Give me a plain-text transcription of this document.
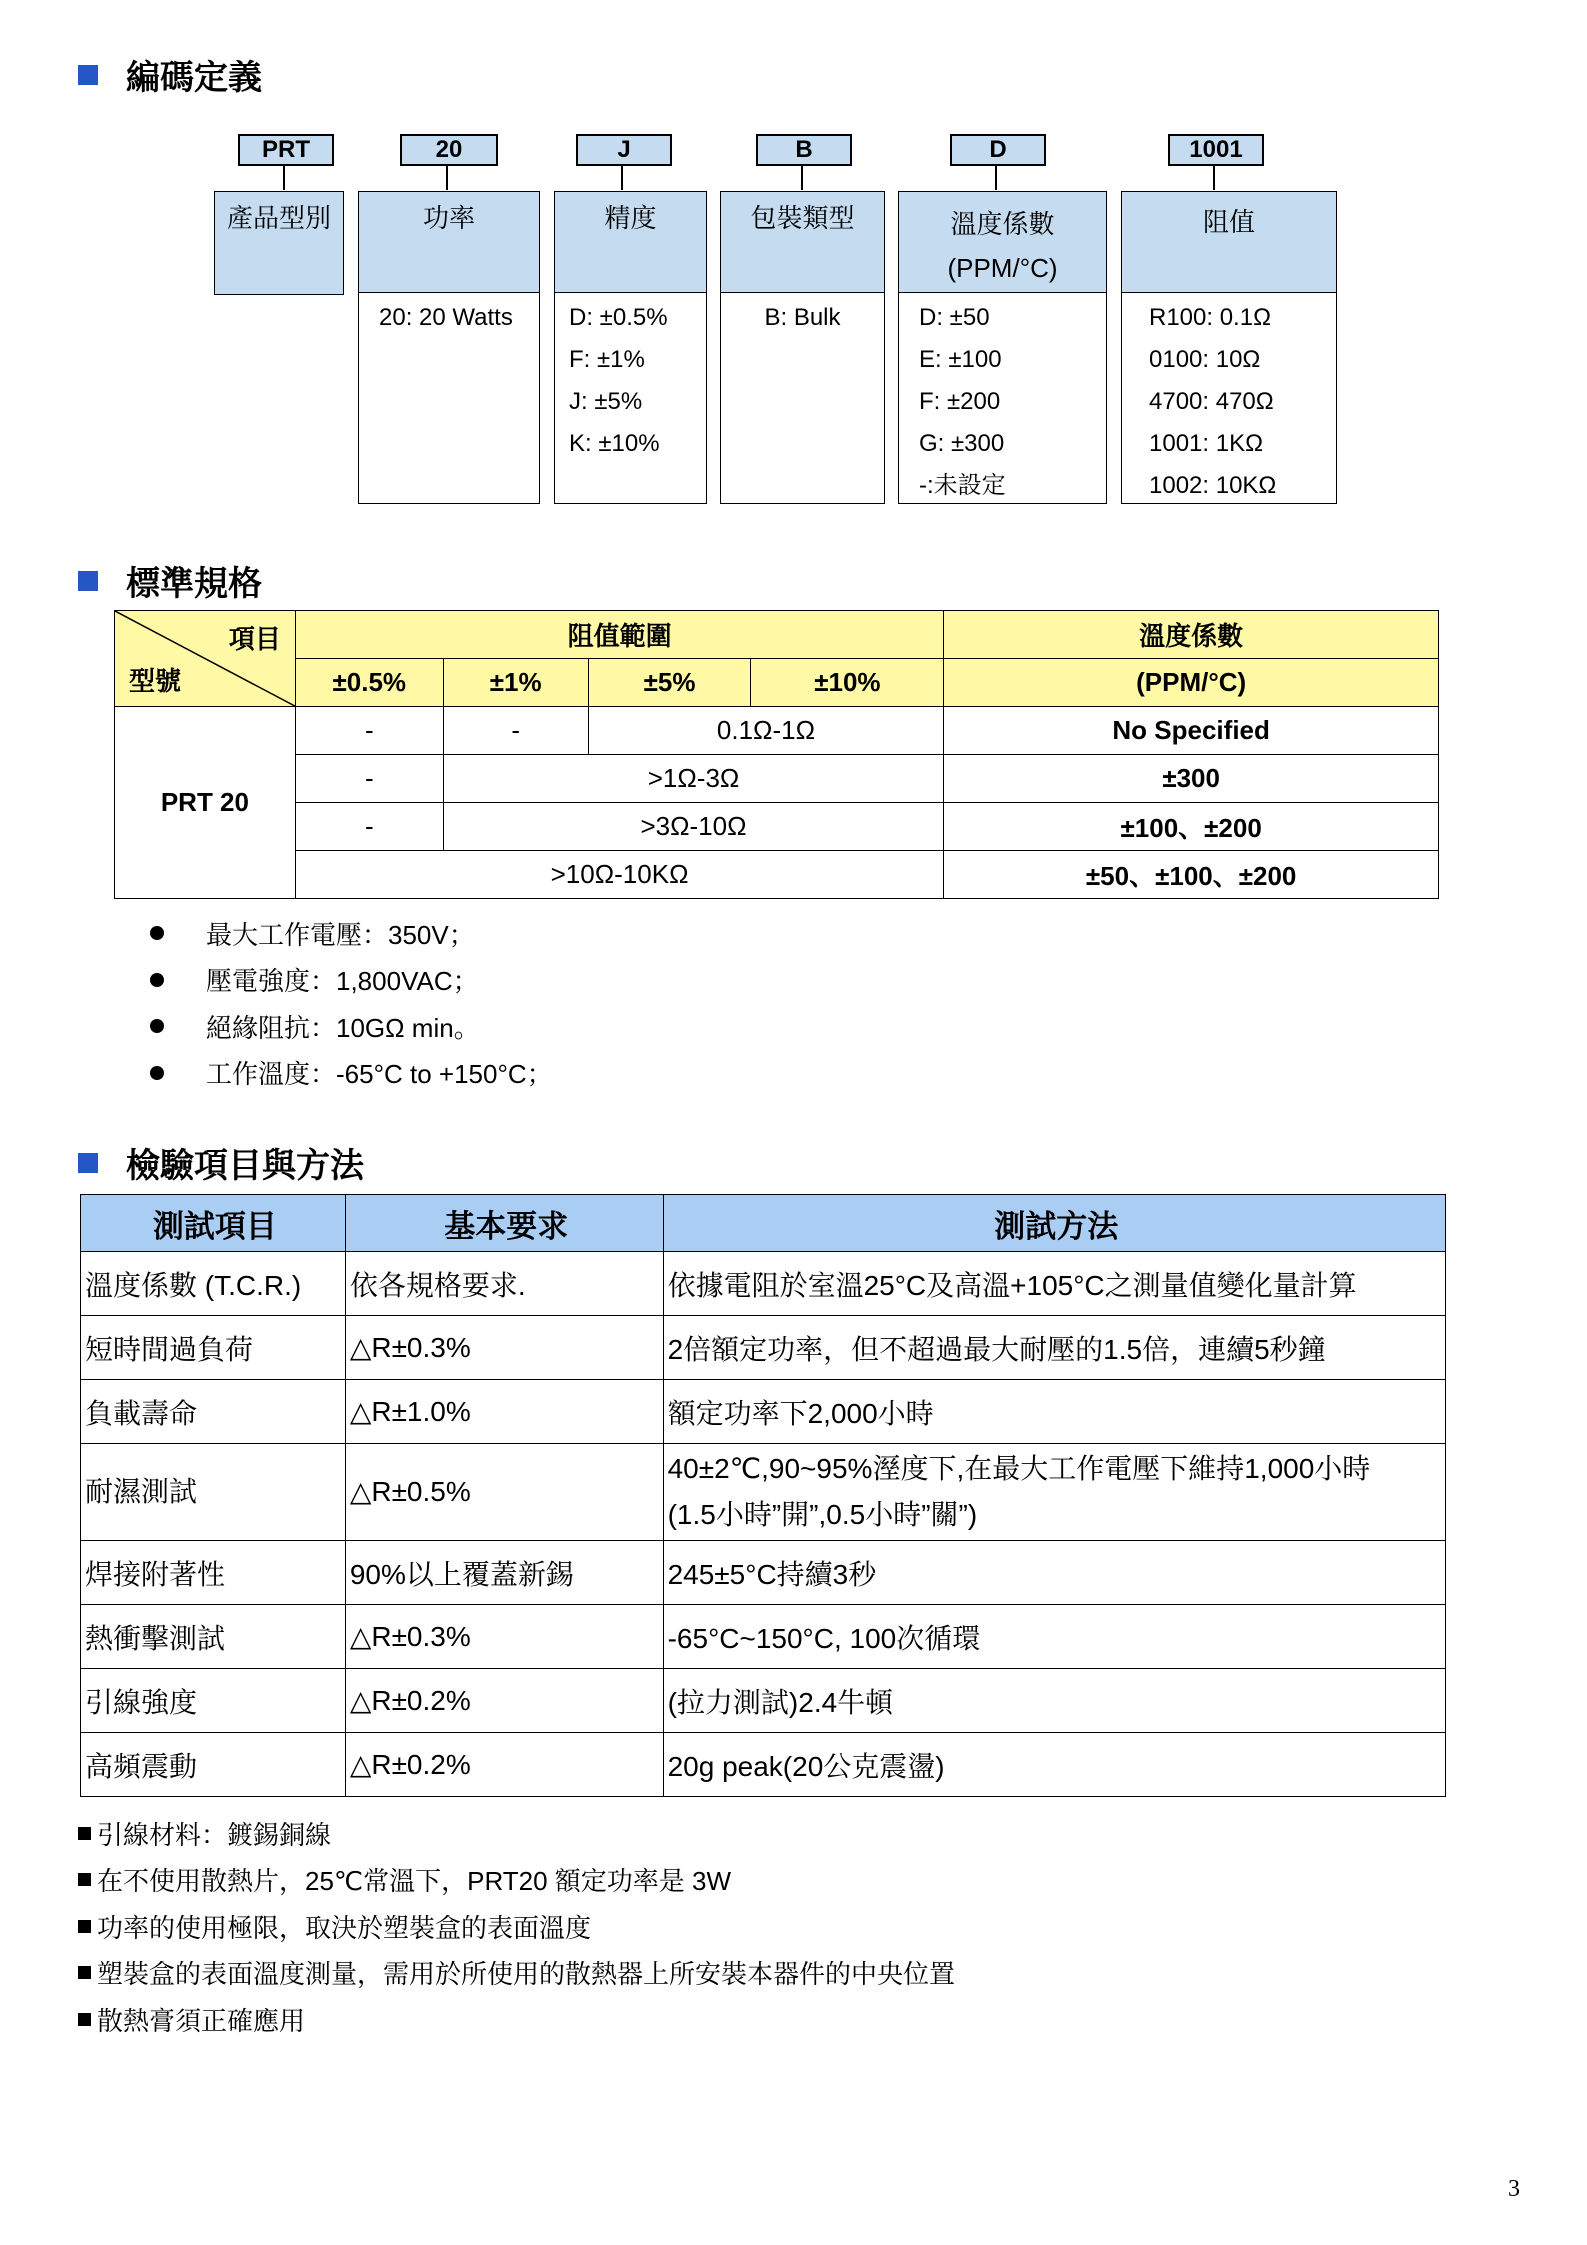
編碼定義
PRT	20	J	B	D	1001
產品型別	功率
20: 20 Watts
精度
D: ±0.5%
F: ±1%
J: ±5%
K: ±10%
包裝類型
B: Bulk
溫度係數
(PPM/°C)
D: ±50
E: ±100
F: ±200
G: ±300
-:未設定
阻值
R100: 0.1Ω
0100: 10Ω
4700: 470Ω
1001: 1KΩ
1002: 10KΩ
標準規格
項目
型號	阻值範圍				溫度係數
	±0.5%	±1%	±5%	±10%	(PPM/°C)
PRT 20	-	-	0.1Ω-1Ω		No Specified
	-	>1Ω-3Ω			±300
	-	>3Ω-10Ω			±100、±200
	>10Ω-10KΩ				±50、±100、±200
最大工作電壓：350V；
壓電強度：1,800VAC；
絕緣阻抗：10GΩ min。
工作溫度：-65°C to +150°C；
檢驗項目與方法
測試項目	基本要求	測試方法
溫度係數 (T.C.R.)	依各規格要求.	依據電阻於室溫25°C及高溫+105°C之測量值變化量計算
短時間過負荷	△R±0.3%	2倍額定功率，但不超過最大耐壓的1.5倍，連續5秒鐘
負載壽命	△R±1.0%	額定功率下2,000小時
耐濕測試	△R±0.5%	40±2℃,90~95%溼度下,在最大工作電壓下維持1,000小時
(1.5小時”開”,0.5小時”關”)

焊接附著性	90%以上覆蓋新錫	245±5°C持續3秒
熱衝擊測試	△R±0.3%	-65°C~150°C, 100次循環
引線強度	△R±0.2%	(拉力測試)2.4牛頓
高頻震動	△R±0.2%	20g peak(20公克震盪)
引線材料：鍍錫銅線
在不使用散熱片，25℃常溫下，PRT20 額定功率是 3W
功率的使用極限，取決於塑裝盒的表面溫度
塑裝盒的表面溫度測量，需用於所使用的散熱器上所安裝本器件的中央位置
散熱膏須正確應用
3
